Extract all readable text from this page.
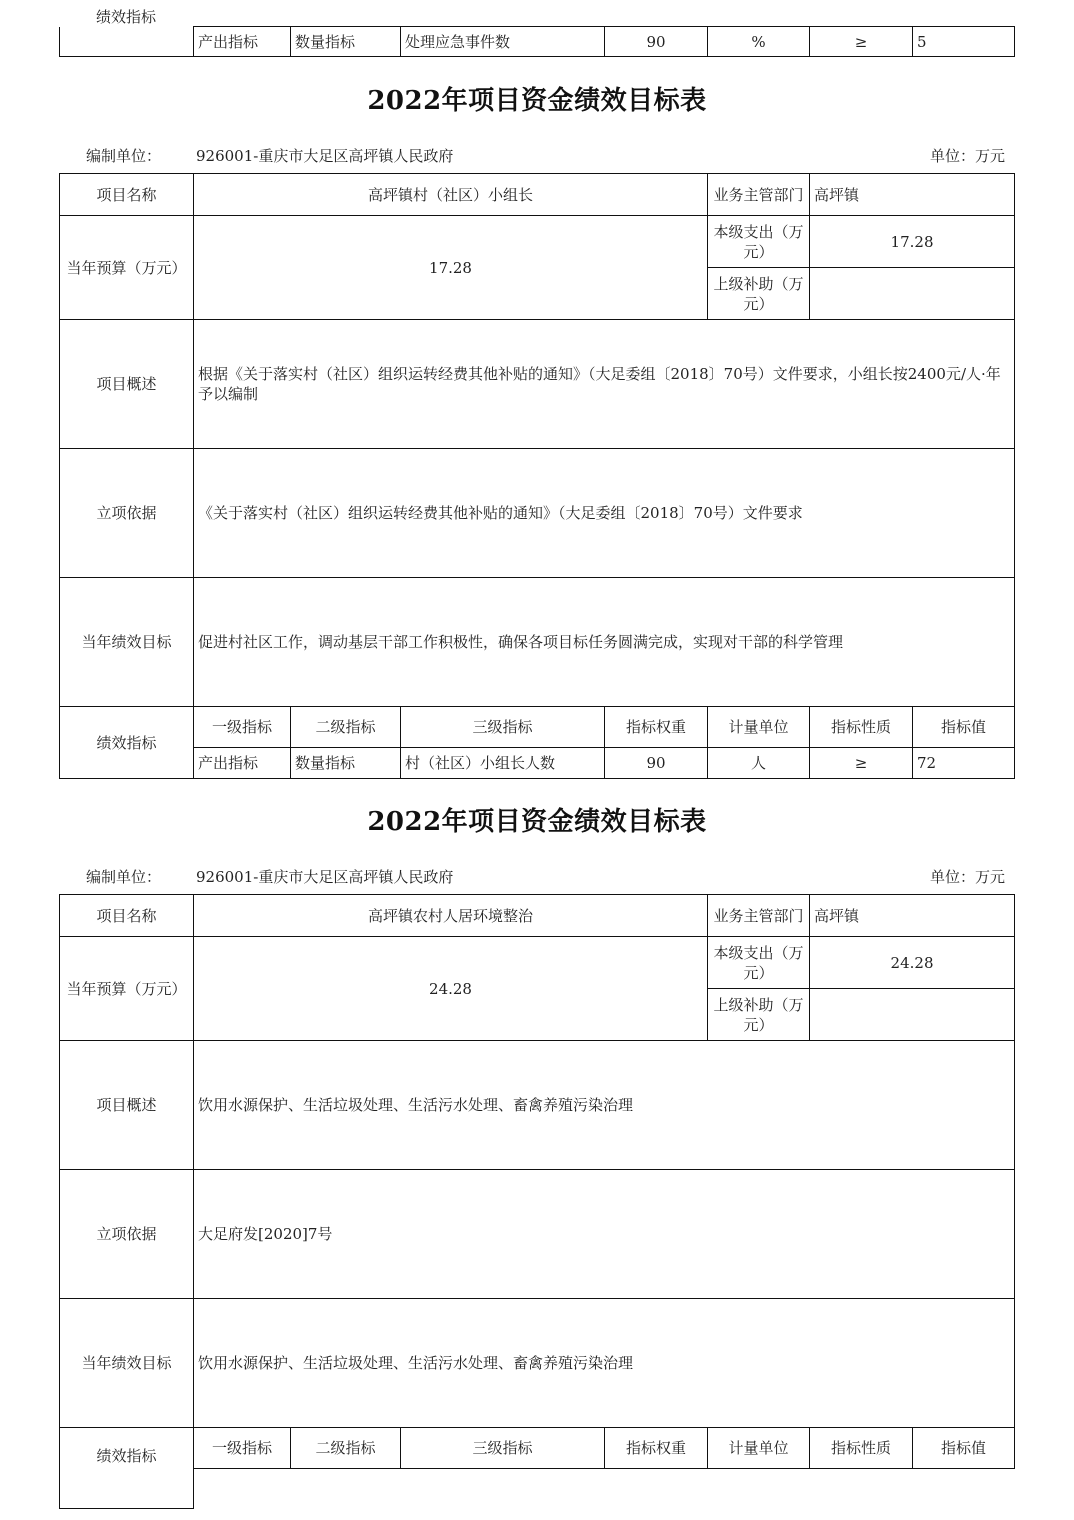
绩效指标
	产出指标	数量指标	处理应急事件数	90	%	≥	5
2022年项目资金绩效目标表
编制单位： 926001-重庆市大足区高坪镇人民政府	单位：万元
项目名称	高坪镇村（社区）小组长				业务主管部门	高坪镇	
当年预算（万元）	17.28				本级支出（万元）	17.28	
					上级补助（万元）		
项目概述	根据《关于落实村（社区）组织运转经费其他补贴的通知》（大足委组〔2018〕70号）文件要求，小组长按2400元/人·年予以编制						
立项依据	《关于落实村（社区）组织运转经费其他补贴的通知》（大足委组〔2018〕70号）文件要求						
当年绩效目标	促进村社区工作，调动基层干部工作积极性，确保各项目标任务圆满完成，实现对干部的科学管理						
绩效指标	一级指标	二级指标	三级指标	指标权重	计量单位	指标性质	指标值
	产出指标	数量指标	村（社区）小组长人数	90	人	≥	72
2022年项目资金绩效目标表
编制单位： 926001-重庆市大足区高坪镇人民政府	单位：万元
项目名称	高坪镇农村人居环境整治				业务主管部门	高坪镇	
当年预算（万元）	24.28				本级支出（万元）	24.28	
					上级补助（万元）		
项目概述	饮用水源保护、生活垃圾处理、生活污水处理、畜禽养殖污染治理						
立项依据	大足府发[2020]7号						
当年绩效目标	饮用水源保护、生活垃圾处理、生活污水处理、畜禽养殖污染治理						
绩效指标	一级指标	二级指标	三级指标	指标权重	计量单位	指标性质	指标值
